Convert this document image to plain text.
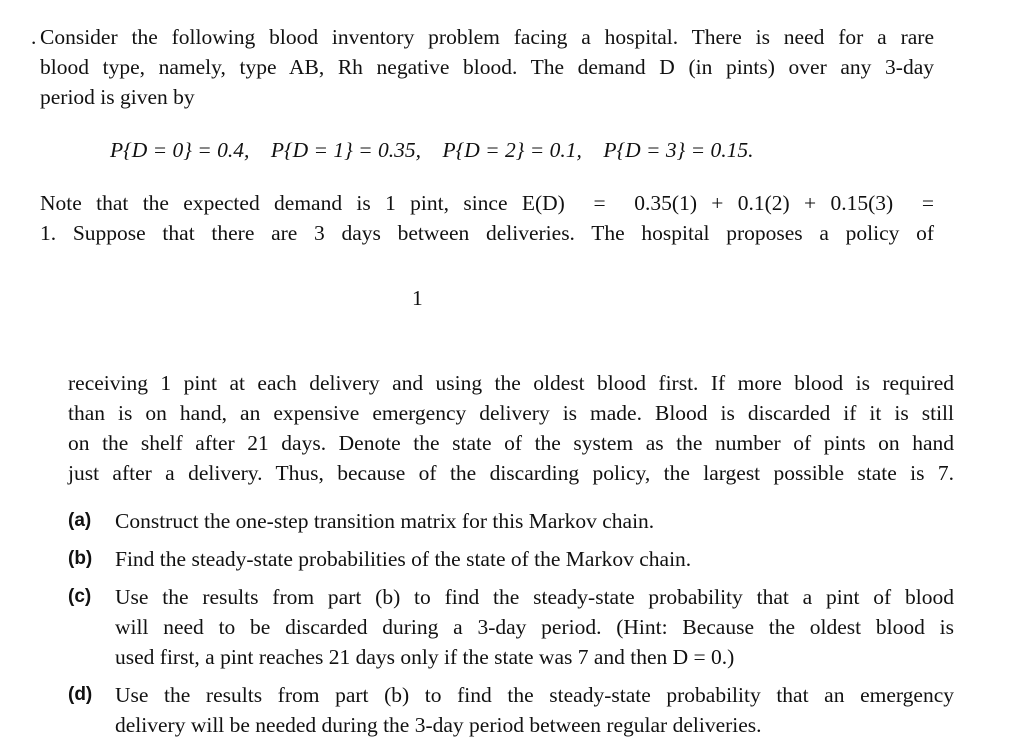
. Consider the following blood inventory problem facing a hospital. There is need for a rare
blood type, namely, type AB, Rh negative blood. The demand D (in pints) over any 3-day
period is given by
P{D = 0} = 0.4,    P{D = 1} = 0.35,    P{D = 2} = 0.1,    P{D = 3} = 0.15.
Note that the expected demand is 1 pint, since E(D)  =  0.35(1) + 0.1(2) + 0.15(3)  =
1. Suppose that there are 3 days between deliveries. The hospital proposes a policy of
1
receiving 1 pint at each delivery and using the oldest blood first. If more blood is required
than is on hand, an expensive emergency delivery is made. Blood is discarded if it is still
on the shelf after 21 days. Denote the state of the system as the number of pints on hand
just after a delivery. Thus, because of the discarding policy, the largest possible state is 7.
(a) Construct the one-step transition matrix for this Markov chain.
(b) Find the steady-state probabilities of the state of the Markov chain.
(c) Use the results from part (b) to find the steady-state probability that a pint of blood
will need to be discarded during a 3-day period. (Hint: Because the oldest blood is
used first, a pint reaches 21 days only if the state was 7 and then D = 0.)
(d) Use the results from part (b) to find the steady-state probability that an emergency
delivery will be needed during the 3-day period between regular deliveries.
